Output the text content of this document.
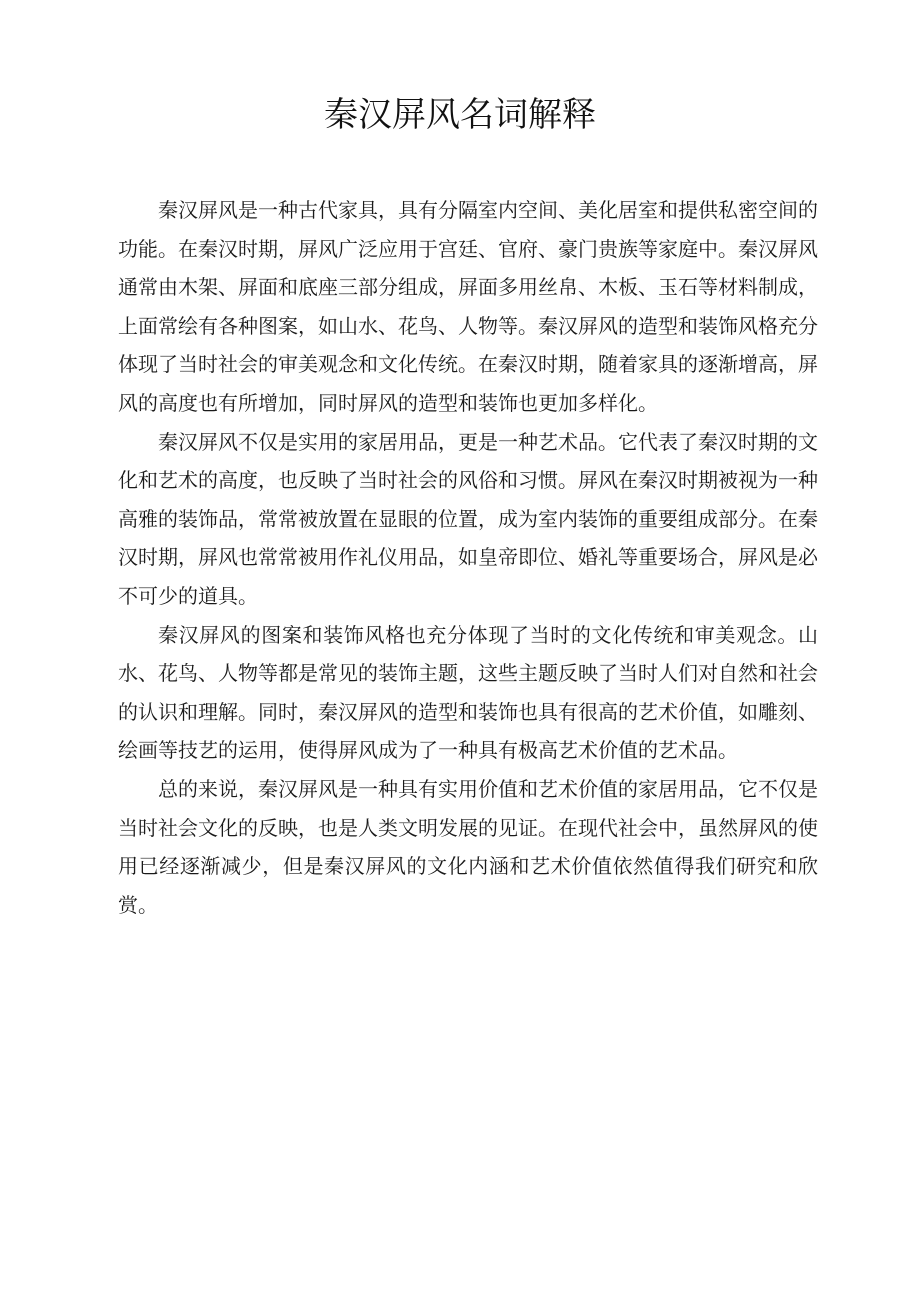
秦汉屏风名词解释

秦汉屏风是一种古代家具，具有分隔室内空间、美化居室和提供私密空间的功能。在秦汉时期，屏风广泛应用于宫廷、官府、豪门贵族等家庭中。秦汉屏风通常由木架、屏面和底座三部分组成，屏面多用丝帛、木板、玉石等材料制成，上面常绘有各种图案，如山水、花鸟、人物等。秦汉屏风的造型和装饰风格充分体现了当时社会的审美观念和文化传统。在秦汉时期，随着家具的逐渐增高，屏风的高度也有所增加，同时屏风的造型和装饰也更加多样化。

秦汉屏风不仅是实用的家居用品，更是一种艺术品。它代表了秦汉时期的文化和艺术的高度，也反映了当时社会的风俗和习惯。屏风在秦汉时期被视为一种高雅的装饰品，常常被放置在显眼的位置，成为室内装饰的重要组成部分。在秦汉时期，屏风也常常被用作礼仪用品，如皇帝即位、婚礼等重要场合，屏风是必不可少的道具。

秦汉屏风的图案和装饰风格也充分体现了当时的文化传统和审美观念。山水、花鸟、人物等都是常见的装饰主题，这些主题反映了当时人们对自然和社会的认识和理解。同时，秦汉屏风的造型和装饰也具有很高的艺术价值，如雕刻、绘画等技艺的运用，使得屏风成为了一种具有极高艺术价值的艺术品。

总的来说，秦汉屏风是一种具有实用价值和艺术价值的家居用品，它不仅是当时社会文化的反映，也是人类文明发展的见证。在现代社会中，虽然屏风的使用已经逐渐减少，但是秦汉屏风的文化内涵和艺术价值依然值得我们研究和欣赏。
